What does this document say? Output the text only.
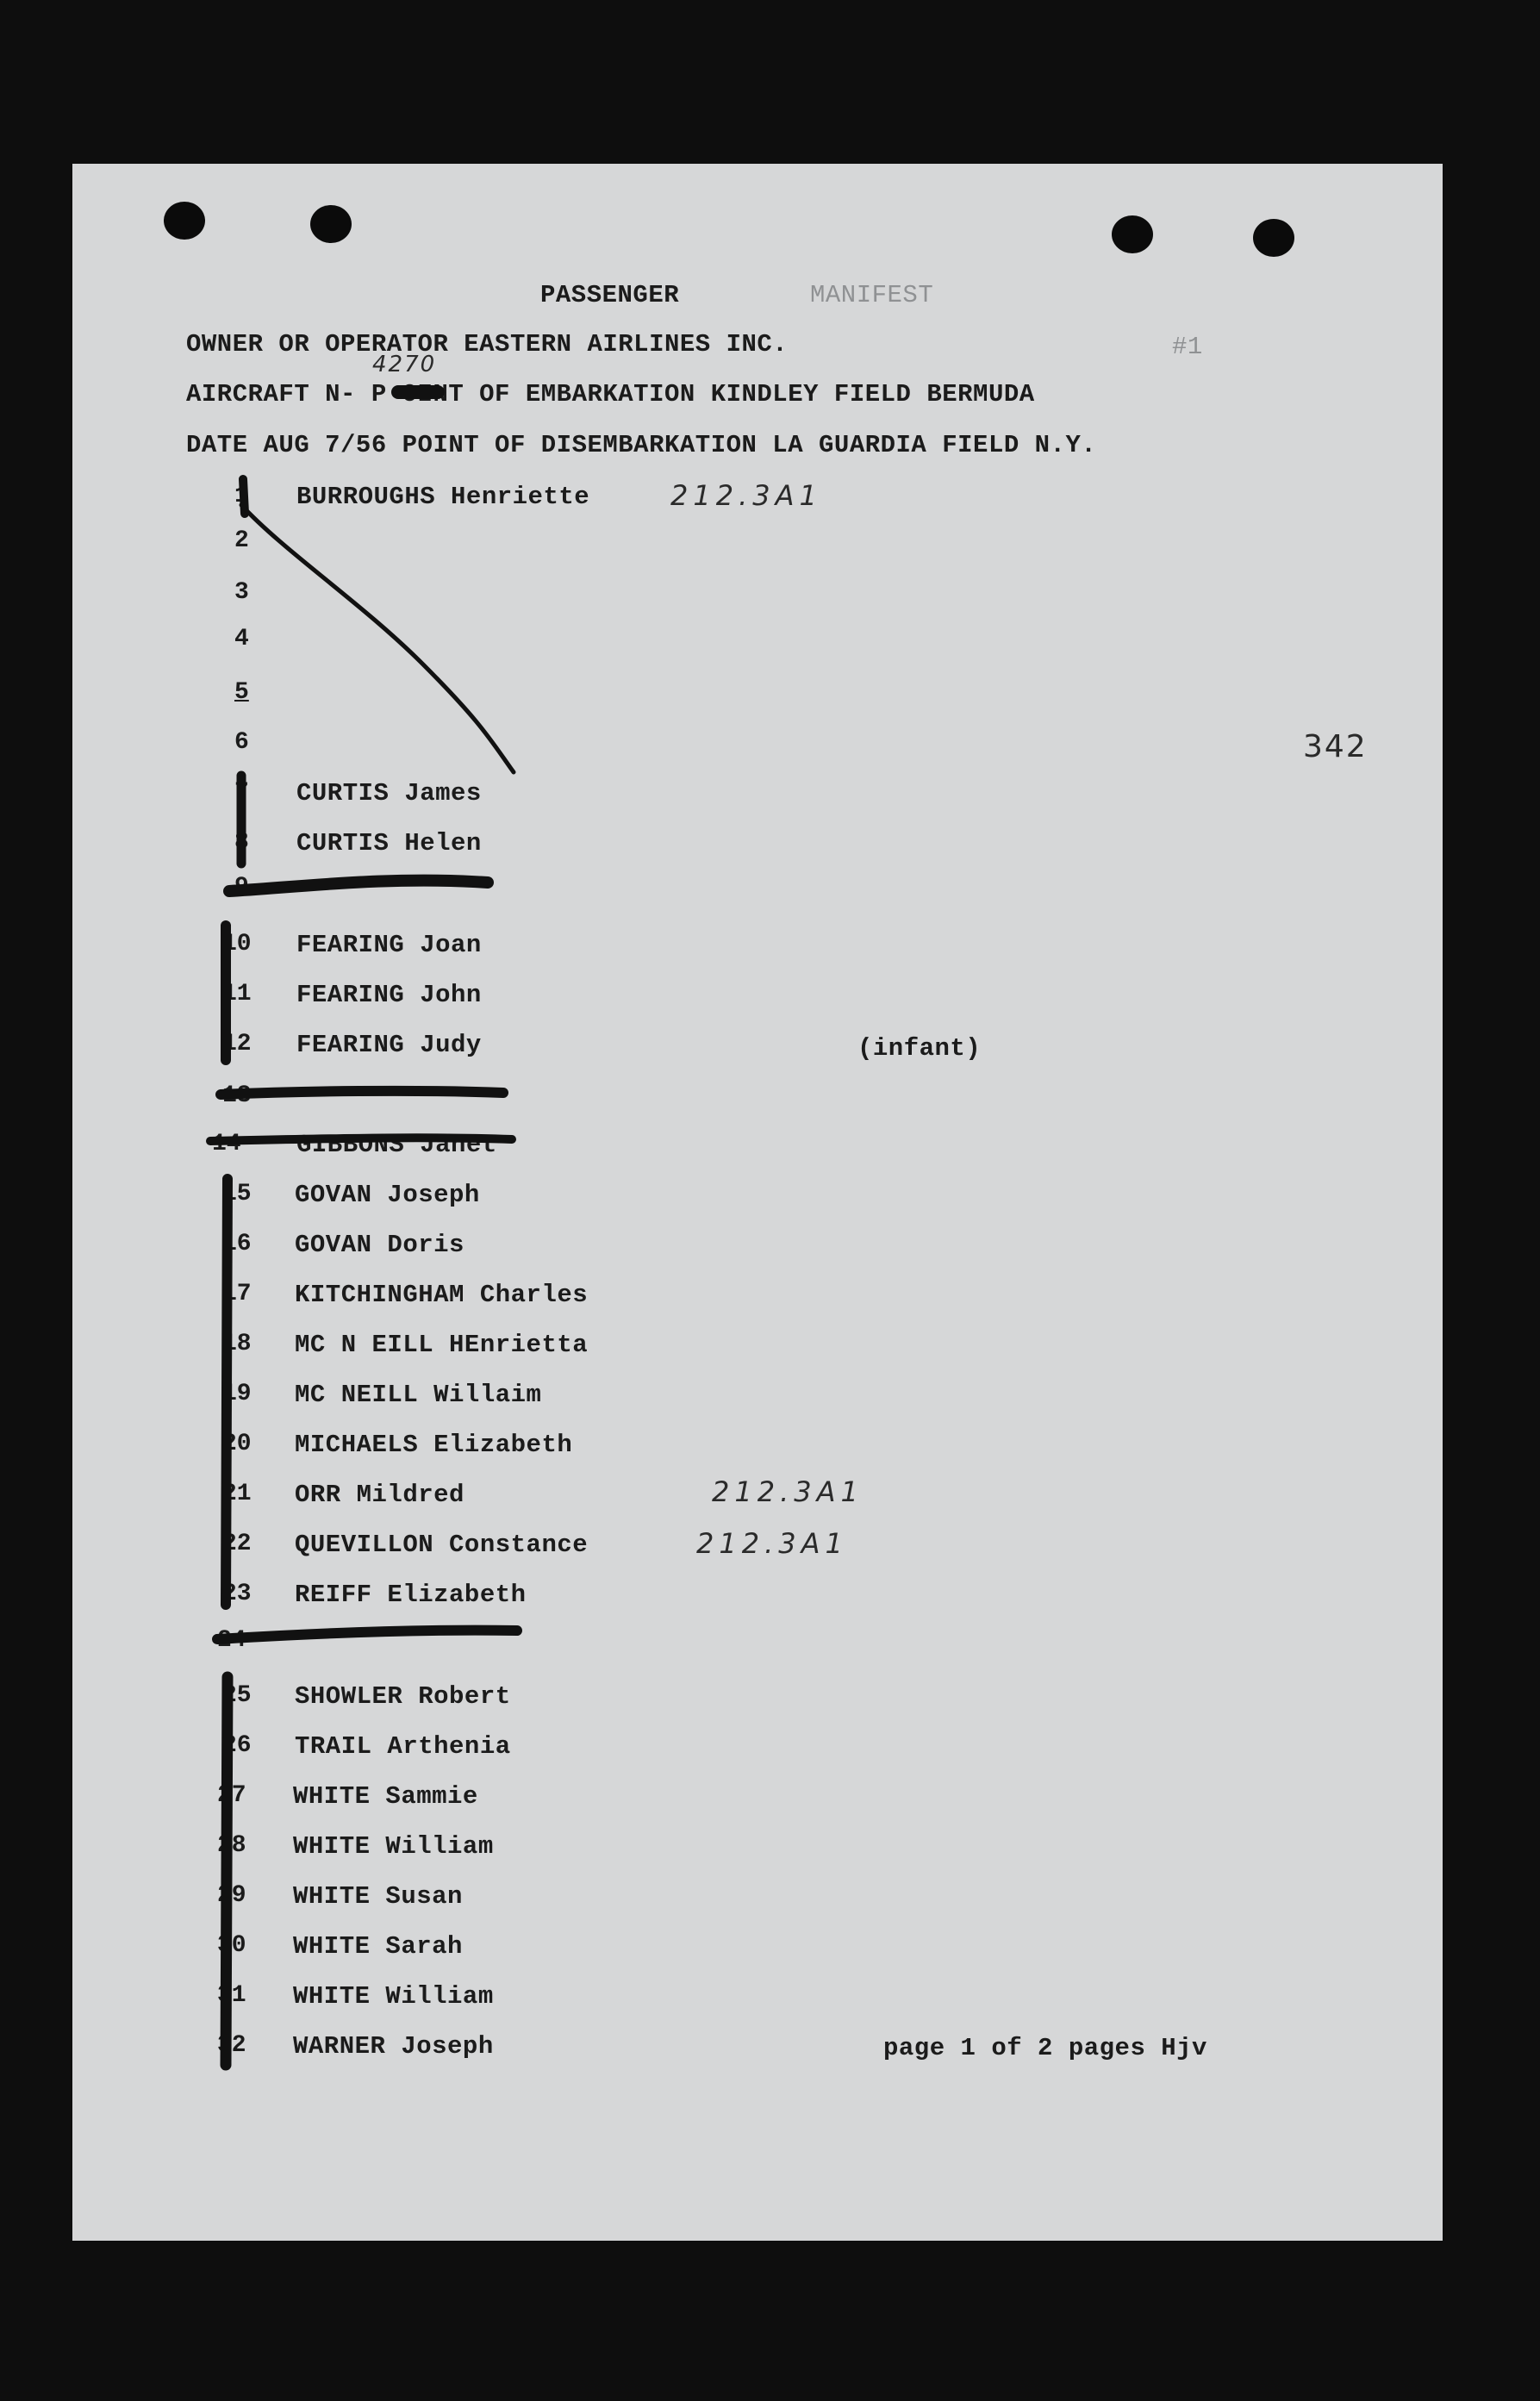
PASSENGER	MANIFEST
#1
OWNER OR OPERATOR EASTERN AIRLINES INC.
AIRCRAFT N- P OINT OF EMBARKATION KINDLEY FIELD BERMUDA
4270
DATE AUG 7/56 POINT OF DISEMBARKATION LA GUARDIA FIELD N.Y.
342
1 BURROUGHS Henriette	212.3A1
2
3
4
5
6
7 CURTIS James
8 CURTIS Helen
9
10 FEARING Joan
11 FEARING John
12 FEARING Judy	(infant)
13
14 GIBBONS Janet
15 GOVAN Joseph
16 GOVAN Doris
17 KITCHINGHAM Charles
18 MC N EILL HEnrietta
19 MC NEILL Willaim
20 MICHAELS Elizabeth
21 ORR Mildred	212.3A1
22 QUEVILLON Constance	212.3A1
23 REIFF Elizabeth
24
25 SHOWLER Robert
26 TRAIL Arthenia
27 WHITE Sammie
28 WHITE William
29 WHITE Susan
30 WHITE Sarah
31 WHITE William
32 WARNER Joseph	page 1 of 2 pages Hjv
